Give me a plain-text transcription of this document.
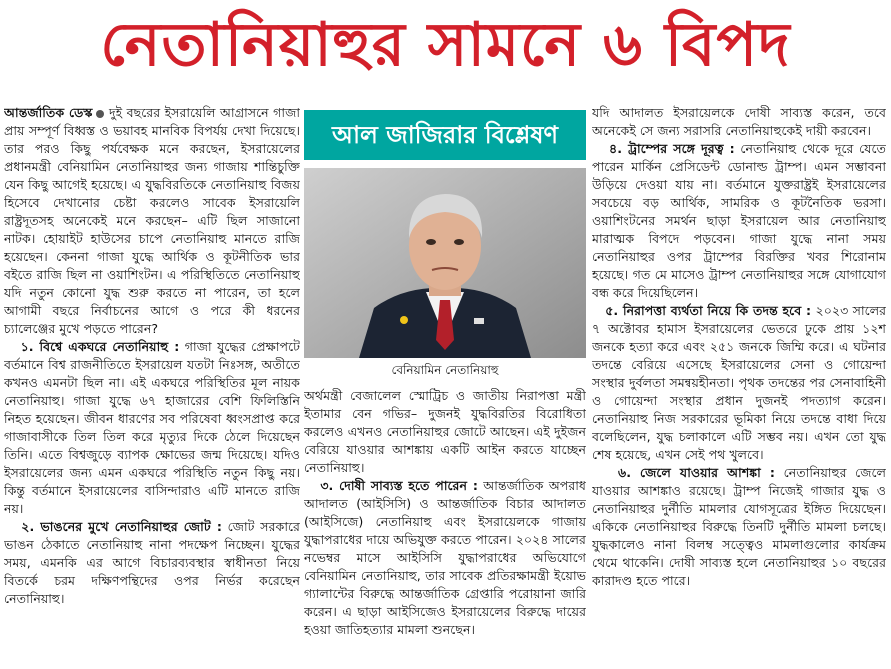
নেতানিয়াহুর সামনে ৬ বিপদ

আন্তর্জাতিক ডেস্ক দুই বছরের ইসরায়েলি আগ্রাসনে গাজা প্রায় সম্পূর্ণ বিধ্বস্ত ও ভয়াবহ মানবিক বিপর্যয় দেখা দিয়েছে। তার পরও কিছু পর্যবেক্ষক মনে করছেন, ইসরায়েলের প্রধানমন্ত্রী বেনিয়ামিন নেতানিয়াহুর জন্য গাজায় শান্তিচুক্তি যেন কিছু আগেই হয়েছে। এ যুদ্ধবিরতিকে নেতানিয়াহু বিজয় হিসেবে দেখানোর চেষ্টা করলেও সাবেক ইসরায়েলি রাষ্ট্রদূতসহ অনেকেই মনে করছেন– এটি ছিল সাজানো নাটক। হোয়াইট হাউসের চাপে নেতানিয়াহু মানতে রাজি হয়েছেন। কেননা গাজা যুদ্ধে আর্থিক ও কূটনীতিক ভার বইতে রাজি ছিল না ওয়াশিংটন। এ পরিস্থিতিতে নেতানিয়াহু যদি নতুন কোনো যুদ্ধ শুরু করতে না পারেন, তা হলে আগামী বছরে নির্বাচনের আগে ও পরে কী ধরনের চ্যালেঞ্জের মুখে পড়তে পারেন?

১. বিশ্বে একঘরে নেতানিয়াহু : গাজা যুদ্ধের প্রেক্ষাপটে বর্তমানে বিশ্ব রাজনীতিতে ইসরায়েল যতটা নিঃসঙ্গ, অতীতে কখনও এমনটা ছিল না। এই একঘরে পরিস্থিতির মূল নায়ক নেতানিয়াহু। গাজা যুদ্ধে ৬৭ হাজারের বেশি ফিলিস্তিনি নিহত হয়েছেন। জীবন ধারণের সব পরিষেবা ধ্বংসপ্রাপ্ত করে গাজাবাসীকে তিল তিল করে মৃত্যুর দিকে ঠেলে দিয়েছেন তিনি। এতে বিশ্বজুড়ে ব্যাপক ক্ষোভের জন্ম দিয়েছে। যদিও ইসরায়েলের জন্য এমন একঘরে পরিস্থিতি নতুন কিছু নয়। কিন্তু বর্তমানে ইসরায়েলের বাসিন্দারাও এটি মানতে রাজি নয়।

২. ভাঙনের মুখে নেতানিয়াহুর জোট : জোট সরকারে ভাঙন ঠেকাতে নেতানিয়াহু নানা পদক্ষেপ নিচ্ছেন। যুদ্ধের সময়, এমনকি এর আগে বিচারব্যবস্থার স্বাধীনতা নিয়ে বিতর্কে চরম দক্ষিণপন্থিদের ওপর নির্ভর করেছেন নেতানিয়াহু।

আল জাজিরার বিশ্লেষণ
বেনিয়ামিন নেতানিয়াহু

অর্থমন্ত্রী বেজালেল স্মোট্রিচ ও জাতীয় নিরাপত্তা মন্ত্রী ইতামার বেন গভির– দুজনই যুদ্ধবিরতির বিরোধিতা করলেও এখনও নেতানিয়াহুর জোটে আছেন। এই দুইজন বেরিয়ে যাওয়ার আশঙ্কায় একটি আইন করতে যাচ্ছেন নেতানিয়াহু।

৩. দোষী সাব্যস্ত হতে পারেন : আন্তর্জাতিক অপরাধ আদালত (আইসিসি) ও আন্তর্জাতিক বিচার আদালত (আইসিজে) নেতানিয়াহু এবং ইসরায়েলকে গাজায় যুদ্ধাপরাধের দায়ে অভিযুক্ত করতে পারেন। ২০২৪ সালের নভেম্বর মাসে আইসিসি যুদ্ধাপরাধের অভিযোগে বেনিয়ামিন নেতানিয়াহু, তার সাবেক প্রতিরক্ষামন্ত্রী ইয়োভ গ্যালান্টের বিরুদ্ধে আন্তর্জাতিক গ্রেপ্তারি পরোয়ানা জারি করেন। এ ছাড়া আইসিজেও ইসরায়েলের বিরুদ্ধে দায়ের হওয়া জাতিহত্যার মামলা শুনছেন।

যদি আদালত ইসরায়েলকে দোষী সাব্যস্ত করেন, তবে অনেকেই সে জন্য সরাসরি নেতানিয়াহুকেই দায়ী করবেন।

৪. ট্রাম্পের সঙ্গে দূরত্ব : নেতানিয়াহু থেকে দূরে যেতে পারেন মার্কিন প্রেসিডেন্ট ডোনাল্ড ট্রাম্প। এমন সম্ভাবনা উড়িয়ে দেওয়া যায় না। বর্তমানে যুক্তরাষ্ট্রই ইসরায়েলের সবচেয়ে বড় আর্থিক, সামরিক ও কূটনৈতিক ভরসা। ওয়াশিংটনের সমর্থন ছাড়া ইসরায়েল আর নেতানিয়াহু মারাত্মক বিপদে পড়বেন। গাজা যুদ্ধে নানা সময় নেতানিয়াহুর ওপর ট্রাম্পের বিরক্তির খবর শিরোনাম হয়েছে। গত মে মাসেও ট্রাম্প নেতানিয়াহুর সঙ্গে যোগাযোগ বন্ধ করে দিয়েছিলেন।

৫. নিরাপত্তা ব্যর্থতা নিয়ে কি তদন্ত হবে : ২০২৩ সালের ৭ অক্টোবর হামাস ইসরায়েলের ভেতরে ঢুকে প্রায় ১২শ জনকে হত্যা করে এবং ২৫১ জনকে জিম্মি করে। এ ঘটনার তদন্তে বেরিয়ে এসেছে ইসরায়েলের সেনা ও গোয়েন্দা সংস্থার দুর্বলতা সমন্বয়হীনতা। পৃথক তদন্তের পর সেনাবাহিনী ও গোয়েন্দা সংস্থার প্রধান দুজনই পদত্যাগ করেন। নেতানিয়াহু নিজ সরকারের ভূমিকা নিয়ে তদন্তে বাধা দিয়ে বলেছিলেন, যুদ্ধ চলাকালে এটি সম্ভব নয়। এখন তো যুদ্ধ শেষ হয়েছে, এখন সেই পথ খুলবে।

৬. জেলে যাওয়ার আশঙ্কা : নেতানিয়াহুর জেলে যাওয়ার আশঙ্কাও রয়েছে। ট্রাম্প নিজেই গাজার যুদ্ধ ও নেতানিয়াহুর দুর্নীতি মামলার যোগসূত্রের ইঙ্গিত দিয়েছেন। একিকে নেতানিয়াহুর বিরুদ্ধে তিনটি দুর্নীতি মামলা চলছে। যুদ্ধকালেও নানা বিলম্ব সত্ত্বেও মামলাগুলোর কার্যক্রম থেমে থাকেনি। দোষী সাব্যস্ত হলে নেতানিয়াহুর ১০ বছরের কারাদণ্ড হতে পারে।
